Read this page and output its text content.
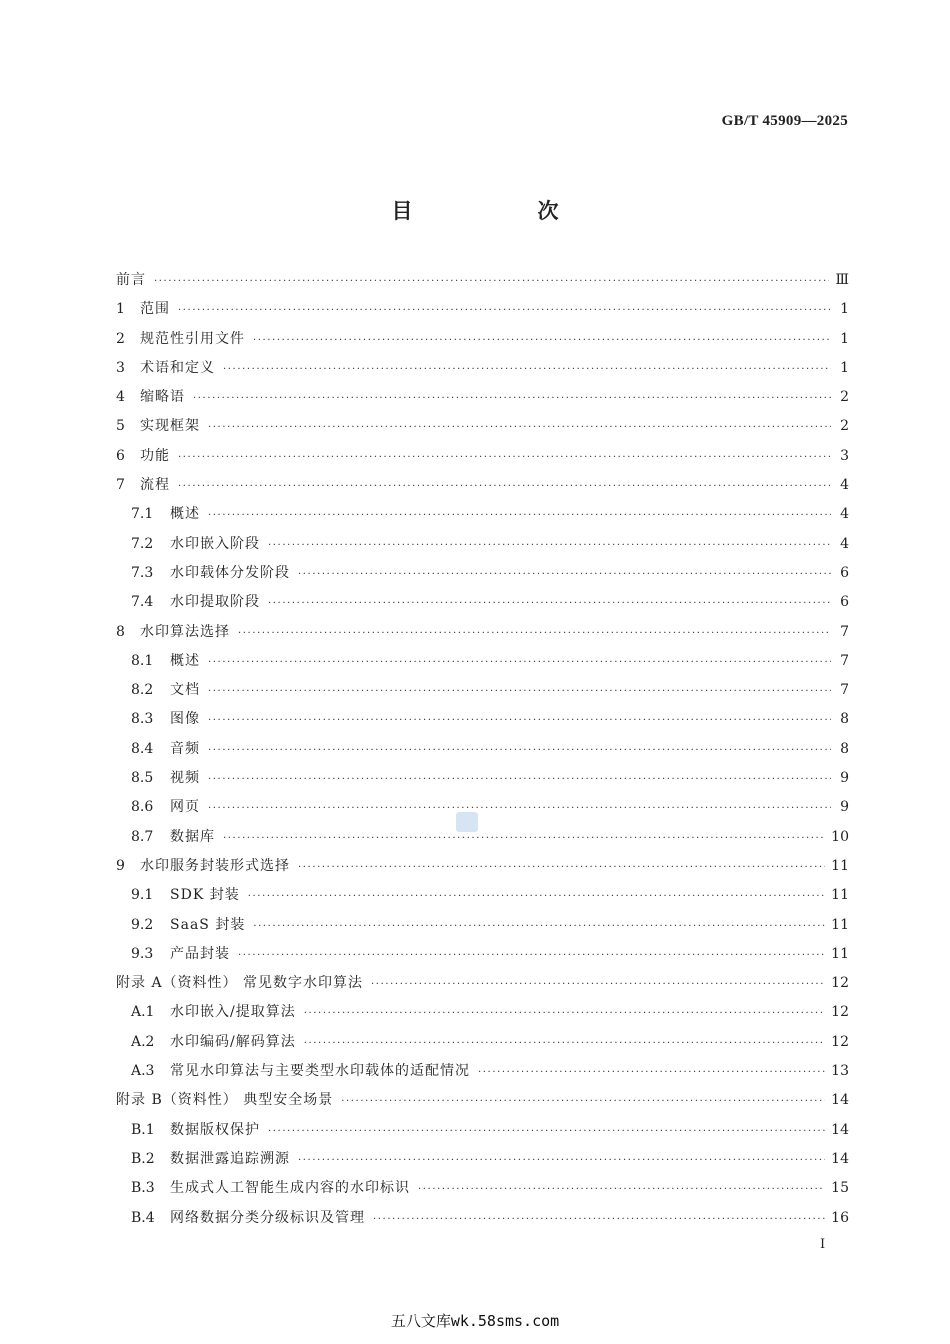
GB/T 45909—2025
目　次
前言 ·····	Ⅲ
1	范围 ·····	1
2	规范性引用文件 ·····	1
3	术语和定义 ·····	1
4	缩略语 ·····	2
5	实现框架 ·····	2
6	功能 ·····	3
7	流程 ·····	4
7.1	概述 ·····	4
7.2	水印嵌入阶段 ·····	4
7.3	水印载体分发阶段 ·····	6
7.4	水印提取阶段 ·····	6
8	水印算法选择 ·····	7
8.1	概述 ·····	7
8.2	文档 ·····	7
8.3	图像 ·····	8
8.4	音频 ·····	8
8.5	视频 ·····	9
8.6	网页 ·····	9
8.7	数据库 ·····	10
9	水印服务封装形式选择 ·····	11
9.1	SDK 封装 ·····	11
9.2	SaaS 封装 ·····	11
9.3	产品封装 ·····	11
附录 A（资料性） 常见数字水印算法 ·····	12
A.1	水印嵌入/提取算法 ·····	12
A.2	水印编码/解码算法 ·····	12
A.3	常见水印算法与主要类型水印载体的适配情况 ·····	13
附录 B（资料性） 典型安全场景 ·····	14
B.1	数据版权保护 ·····	14
B.2	数据泄露追踪溯源 ·····	14
B.3	生成式人工智能生成内容的水印标识 ·····	15
B.4	网络数据分类分级标识及管理 ·····	16
Ⅰ
五八文库wk.58sms.com
